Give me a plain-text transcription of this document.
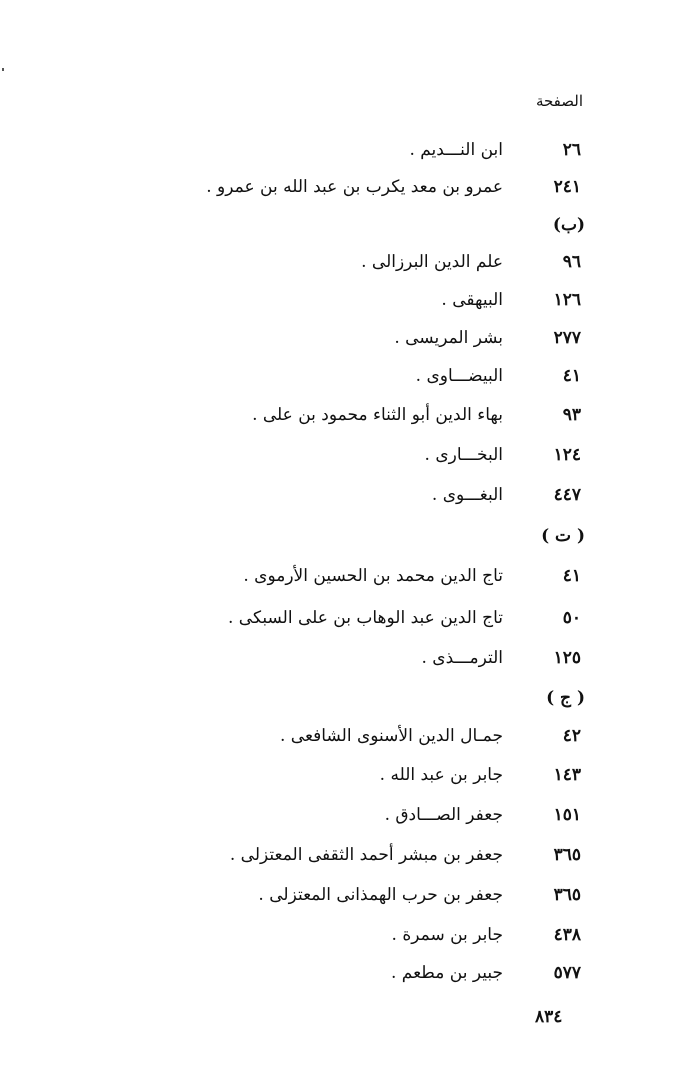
الصفحة
٢٦
ابن النـــديم .
٢٤١
عمرو بن معد يكرب بن عبد الله بن عمرو .
(ب)
٩٦
علم الدين البرزالى .
١٢٦
البيهقى .
٢٧٧
بشر المريسى .
٤١
البيضـــاوى .
٩٣
بهاء الدين أبو الثناء محمود بن على .
١٢٤
البخـــارى .
٤٤٧
البغـــوى .
( ت )
٤١
تاج الدين محمد بن الحسين الأرموى .
٥٠
تاج الدين عبد الوهاب بن على السبكى .
١٢٥
الترمـــذى .
( ج )
٤٢
جمـال الدين الأسنوى الشافعى .
١٤٣
جابر بن عبد الله .
١٥١
جعفر الصـــادق .
٣٦٥
جعفر بن مبشر أحمد الثقفى المعتزلى .
٣٦٥
جعفر بن حرب الهمذانى المعتزلى .
٤٣٨
جابر بن سمرة .
٥٧٧
جبير بن مطعم .
٨٣٤
